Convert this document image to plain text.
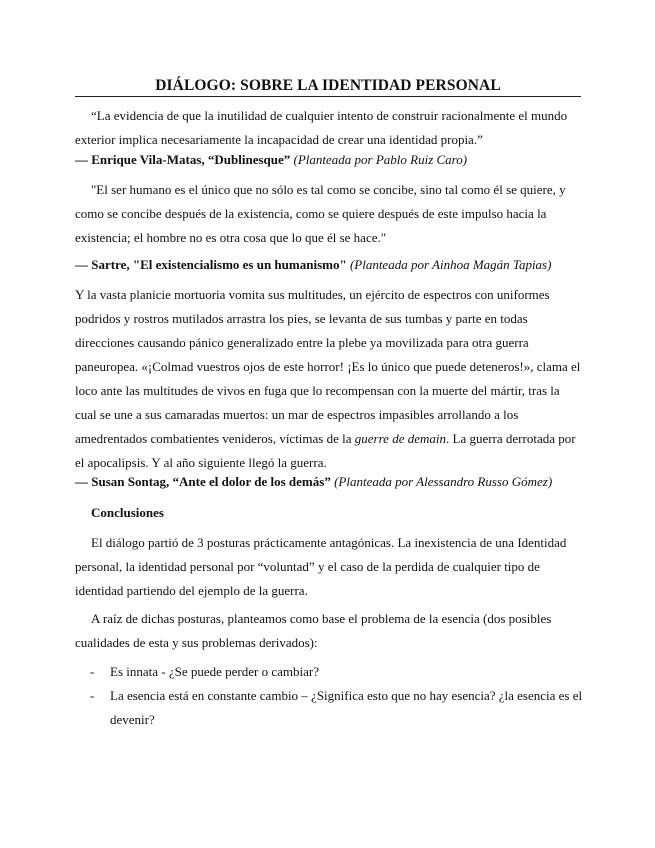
DIÁLOGO: SOBRE LA IDENTIDAD PERSONAL

“La evidencia de que la inutilidad de cualquier intento de construir racionalmente el mundo exterior implica necesariamente la incapacidad de crear una identidad propia.”

— Enrique Vila-Matas, “Dublinesque” (Planteada por Pablo Ruiz Caro)

"El ser humano es el único que no sólo es tal como se concibe, sino tal como él se quiere, y como se concibe después de la existencia, como se quiere después de este impulso hacia la existencia; el hombre no es otra cosa que lo que él se hace."

— Sartre, "El existencialismo es un humanismo" (Planteada por Ainhoa Magán Tapias)

Y la vasta planicie mortuoria vomita sus multitudes, un ejército de espectros con uniformes podridos y rostros mutilados arrastra los pies, se levanta de sus tumbas y parte en todas direcciones causando pánico generalizado entre la plebe ya movilizada para otra guerra paneuropea. «¡Colmad vuestros ojos de este horror! ¡Es lo único que puede deteneros!», clama el loco ante las multitudes de vivos en fuga que lo recompensan con la muerte del mártir, tras la cual se une a sus camaradas muertos: un mar de espectros impasibles arrollando a los amedrentados combatientes venideros, víctimas de la guerre de demain. La guerra derrotada por el apocalipsis. Y al año siguiente llegó la guerra.

— Susan Sontag, “Ante el dolor de los demás” (Planteada por Alessandro Russo Gómez)
Conclusiones

El diálogo partió de 3 posturas prácticamente antagónicas. La inexistencia de una Identidad personal, la identidad personal por “voluntad” y el caso de la perdida de cualquier tipo de identidad partiendo del ejemplo de la guerra.

A raíz de dichas posturas, planteamos como base el problema de la esencia (dos posibles cualidades de esta y sus problemas derivados):

-	Es innata - ¿Se puede perder o cambiar?
-	La esencia está en constante cambio – ¿Significa esto que no hay esencia? ¿la esencia es el devenir?
